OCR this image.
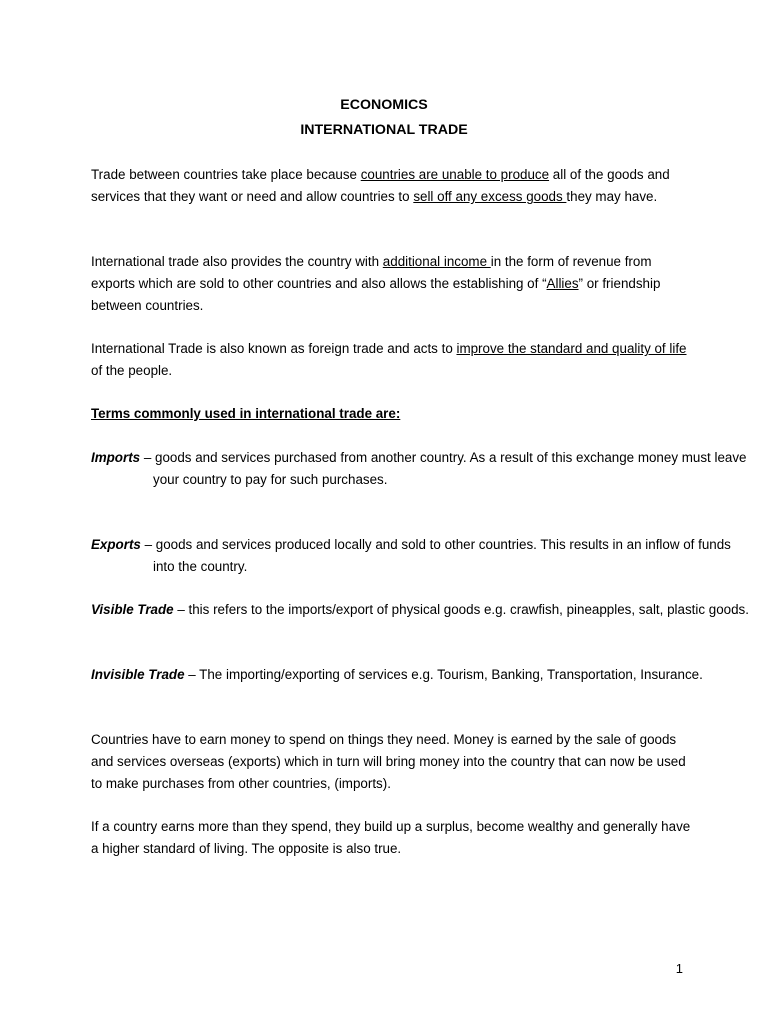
ECONOMICS
INTERNATIONAL TRADE

Trade between countries take place because countries are unable to produce all of the goods and services that they want or need and allow countries to sell off any excess goods they may have.

International trade also provides the country with additional income in the form of revenue from exports which are sold to other countries and also allows the establishing of “Allies” or friendship between countries.

International Trade is also known as foreign trade and acts to improve the standard and quality of life of the people.

Terms commonly used in international trade are:

Imports – goods and services purchased from another country. As a result of this exchange money must leave your country to pay for such purchases.

Exports – goods and services produced locally and sold to other countries. This results in an inflow of funds into the country.

Visible Trade – this refers to the imports/export of physical goods e.g. crawfish, pineapples, salt, plastic goods.

Invisible Trade – The importing/exporting of services e.g. Tourism, Banking, Transportation, Insurance.

Countries have to earn money to spend on things they need. Money is earned by the sale of goods and services overseas (exports) which in turn will bring money into the country that can now be used to make purchases from other countries, (imports).

If a country earns more than they spend, they build up a surplus, become wealthy and generally have a higher standard of living. The opposite is also true.

1
